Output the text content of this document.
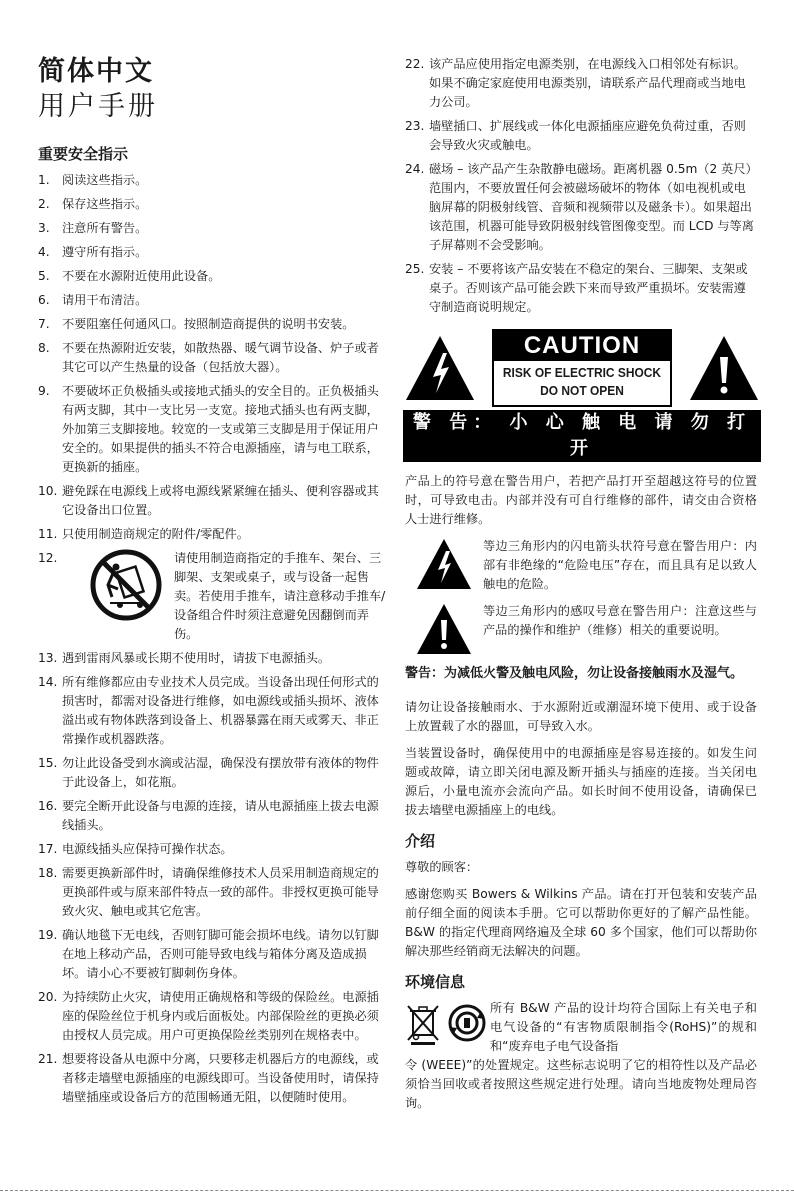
简体中文
用户手册
重要安全指示
1. 阅读这些指示。
2. 保存这些指示。
3. 注意所有警告。
4. 遵守所有指示。
5. 不要在水源附近使用此设备。
6. 请用干布清洁。
7. 不要阻塞任何通风口。按照制造商提供的说明书安装。
8. 不要在热源附近安装，如散热器、暖气调节设备、炉子或者其它可以产生热量的设备（包括放大器）。
9. 不要破坏正负极插头或接地式插头的安全目的。正负极插头有两支脚，其中一支比另一支宽。接地式插头也有两支脚，外加第三支脚接地。较宽的一支或第三支脚是用于保证用户安全的。如果提供的插头不符合电源插座，请与电工联系，更换新的插座。
10. 避免踩在电源线上或将电源线紧紧缠在插头、便利容器或其它设备出口位置。
11. 只使用制造商规定的附件/零配件。
12.	请使用制造商指定的手推车、架台、三脚架、支架或桌子，或与设备一起售卖。若使用手推车，请注意移动手推车/设备组合件时须注意避免因翻倒而弄伤。
13. 遇到雷雨风暴或长期不使用时，请拔下电源插头。
14. 所有维修都应由专业技术人员完成。当设备出现任何形式的损害时，都需对设备进行维修，如电源线或插头损坏、液体溢出或有物体跌落到设备上、机器暴露在雨天或雾天、非正常操作或机器跌落。
15. 勿让此设备受到水滴或沾湿，确保没有摆放带有液体的物件于此设备上，如花瓶。
16. 要完全断开此设备与电源的连接，请从电源插座上拔去电源线插头。
17. 电源线插头应保持可操作状态。
18. 需要更换新部件时，请确保维修技术人员采用制造商规定的更换部件或与原来部件特点一致的部件。非授权更换可能导致火灾、触电或其它危害。
19. 确认地毯下无电线，否则钉脚可能会损坏电线。请勿以钉脚在地上移动产品，否则可能导致电线与箱体分离及造成损坏。请小心不要被钉脚刺伤身体。
20. 为持续防止火灾，请使用正确规格和等级的保险丝。电源插座的保险丝位于机身内或后面板处。内部保险丝的更换必须由授权人员完成。用户可更换保险丝类别列在规格表中。
21. 想要将设备从电源中分离，只要移走机器后方的电源线，或者移走墙壁电源插座的电源线即可。当设备使用时，请保持墙壁插座或设备后方的范围畅通无阻，以便随时使用。
22. 该产品应使用指定电源类别，在电源线入口相邻处有标识。如果不确定家庭使用电源类别，请联系产品代理商或当地电力公司。
23. 墙壁插口、扩展线或一体化电源插座应避免负荷过重，否则会导致火灾或触电。
24. 磁场 – 该产品产生杂散静电磁场。距离机器 0.5m（2 英尺）范围内，不要放置任何会被磁场破坏的物体（如电视机或电脑屏幕的阴极射线管、音频和视频带以及磁条卡）。如果超出该范围，机器可能导致阴极射线管图像变型。而 LCD 与等离子屏幕则不会受影响。
25. 安装 – 不要将该产品安装在不稳定的架台、三脚架、支架或桌子。否则该产品可能会跌下来而导致严重损坏。安装需遵守制造商说明规定。
CAUTION
RISK OF ELECTRIC SHOCK
DO NOT OPEN
警 告： 小 心 触 电 请 勿 打 开
产品上的符号意在警告用户，若把产品打开至超越这符号的位置时，可导致电击。内部并没有可自行维修的部件，请交由合资格人士进行维修。
等边三角形内的闪电箭头状符号意在警告用户：内部有非绝缘的“危险电压”存在，而且具有足以致人触电的危险。
等边三角形内的感叹号意在警告用户：注意这些与产品的操作和维护（维修）相关的重要说明。
警告：为减低火警及触电风险，勿让设备接触雨水及湿气。
请勿让设备接触雨水、于水源附近或潮湿环境下使用、或于设备上放置载了水的器皿，可导致入水。
当装置设备时，确保使用中的电源插座是容易连接的。如发生问题或故障，请立即关闭电源及断开插头与插座的连接。当关闭电源后，小量电流亦会流向产品。如长时间不使用设备，请确保已拔去墙壁电源插座上的电线。
介绍
尊敬的顾客：
感谢您购买 Bowers & Wilkins 产品。请在打开包装和安装产品前仔细全面的阅读本手册。它可以帮助你更好的了解产品性能。B&W 的指定代理商网络遍及全球 60 多个国家，他们可以帮助你解决那些经销商无法解决的问题。
环境信息
所有 B&W 产品的设计均符合国际上有关电子和电气设备的“有害物质限制指令(RoHS)”的规和和“废弃电子电气设备指
令 (WEEE)”的处置规定。这些标志说明了它的相符性以及产品必须恰当回收或者按照这些规定进行处理。请向当地废物处理局咨询。
